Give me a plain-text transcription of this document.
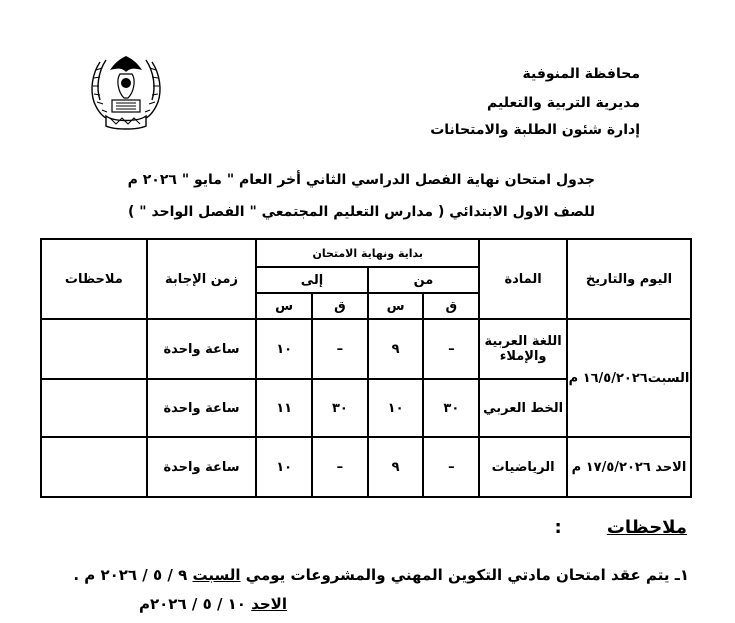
محافظة المنوفية
مديرية التربية والتعليم
إدارة شئون الطلبة والامتحانات
جدول امتحان نهاية الفصل الدراسي الثاني أخر العام " مايو " ٢٠٢٦ م
للصف الاول الابتدائي ( مدارس التعليم المجتمعي " الفصل الواحد " )
اليوم والتاريخ	المادة	بداية ونهاية الامتحان				زمن الإجابة	ملاحظات
		من		إلى			
		ق	س	ق	س		
السبت١٦/٥/٢٠٢٦ م	اللغة العربية والإملاء	–	٩	–	١٠	ساعة واحدة	
	الخط العربي	٣٠	١٠	٣٠	١١	ساعة واحدة	
الاحد ١٧/٥/٢٠٢٦ م	الرياضيات	–	٩	–	١٠	ساعة واحدة	
ملاحظات :
١ـ يتم عقد امتحان مادتي التكوين المهني والمشروعات يومي السبت ٩ / ٥ / ٢٠٢٦ م .
الاحد ١٠ / ٥ / ٢٠٢٦م
